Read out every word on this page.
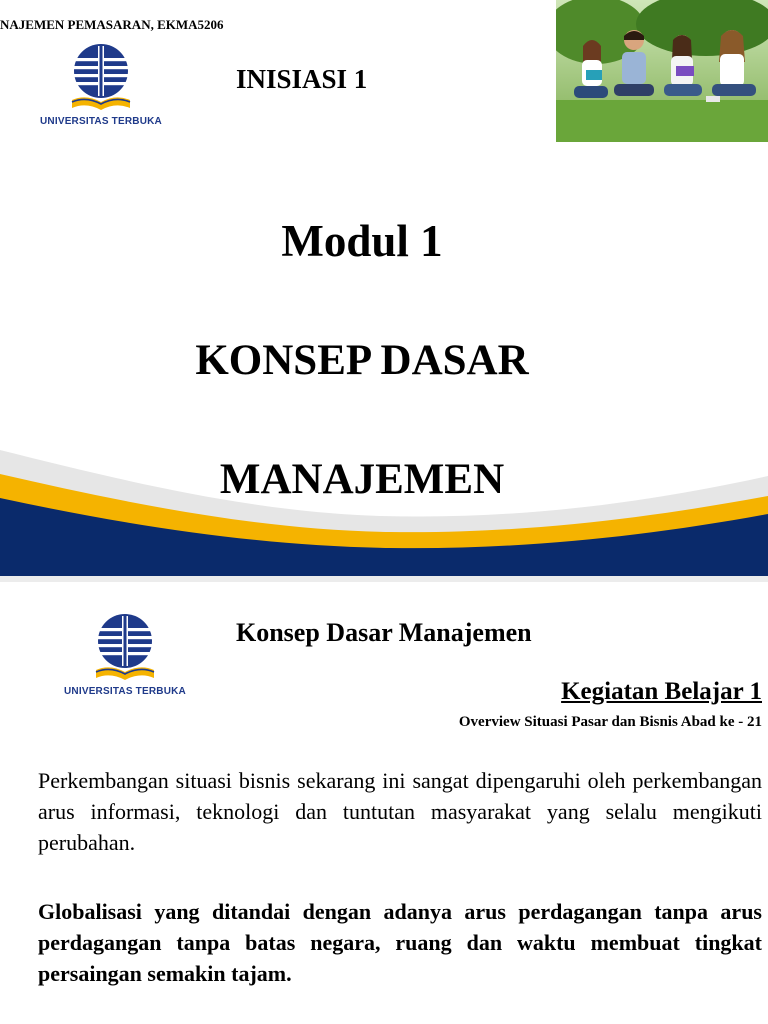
NAJEMEN PEMASARAN, EKMA5206
UNIVERSITAS TERBUKA
INISIASI 1
Modul 1
KONSEP DASAR
MANAJEMEN
UNIVERSITAS TERBUKA
Konsep Dasar Manajemen
Kegiatan Belajar 1
Overview Situasi Pasar dan Bisnis Abad ke - 21
Perkembangan situasi bisnis sekarang ini sangat dipengaruhi oleh perkembangan arus informasi, teknologi dan tuntutan masyarakat yang selalu mengikuti perubahan.
Globalisasi yang ditandai dengan adanya arus perdagangan tanpa arus perdagangan tanpa batas negara, ruang dan waktu membuat tingkat persaingan semakin tajam.
